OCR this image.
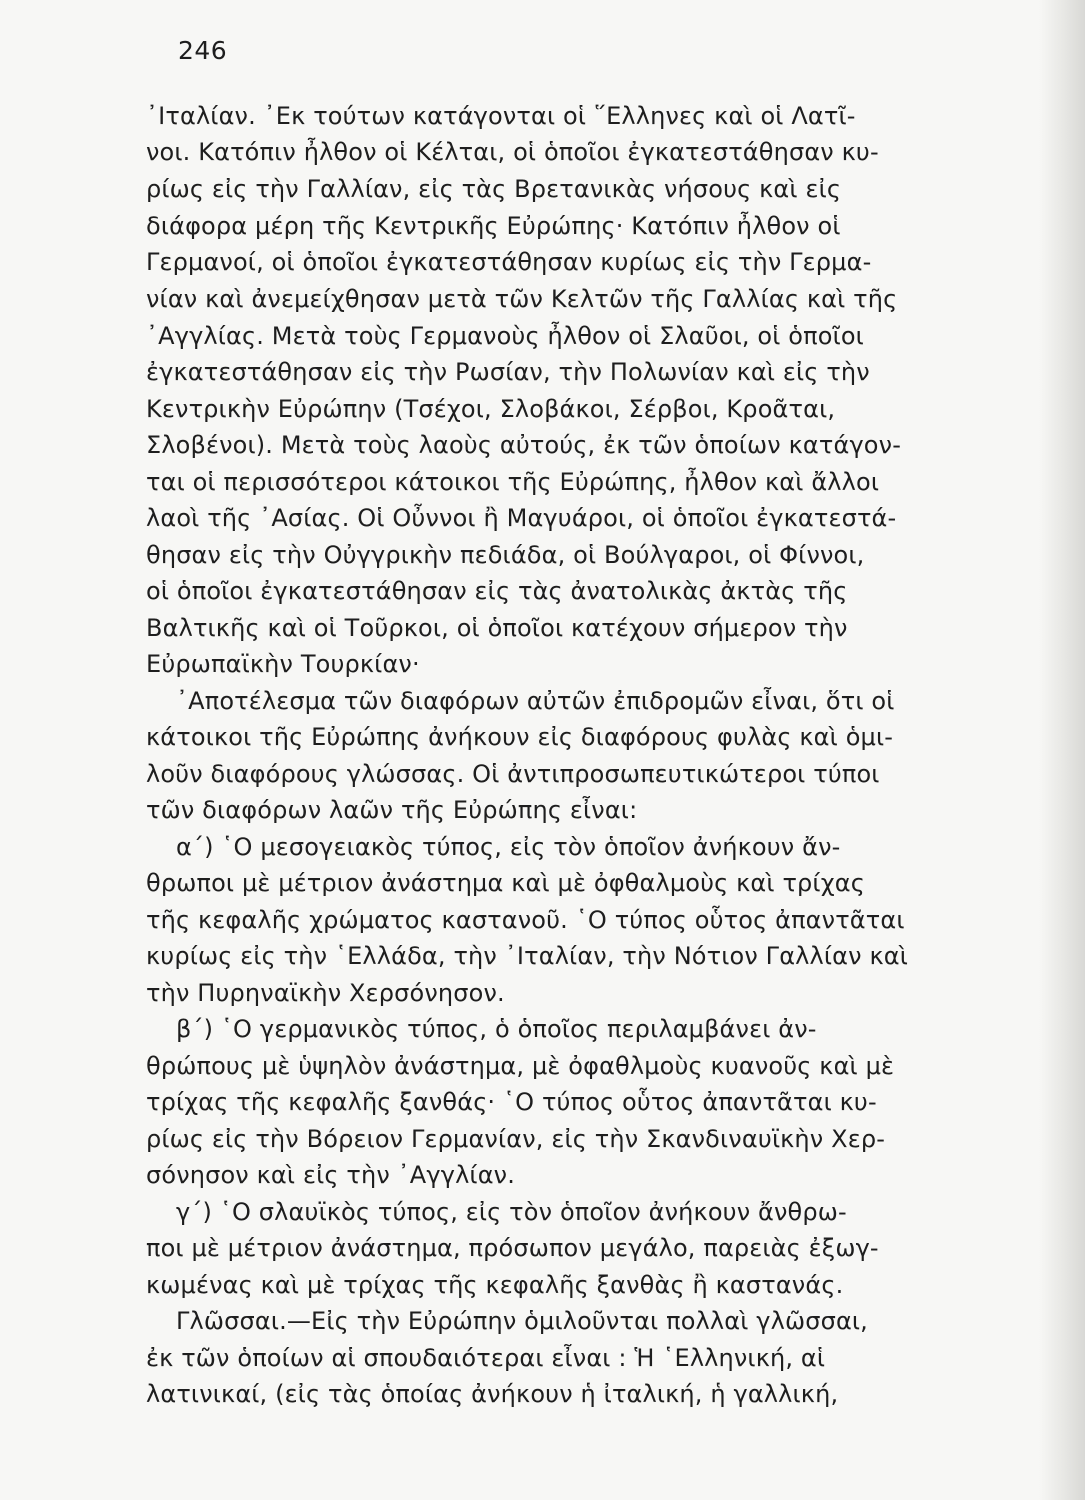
246
᾿Ιταλίαν. ᾿Εκ τούτων κατάγονται οἱ ῞Ελληνες καὶ οἱ Λατῖ-
νοι. Κατόπιν ἦλθον οἱ Κέλται, οἱ ὁποῖοι ἐγκατεστάθησαν κυ-
ρίως εἰς τὴν Γαλλίαν, εἰς τὰς Βρετανικὰς νήσους καὶ εἰς
διάφορα μέρη τῆς Κεντρικῆς Εὐρώπης· Κατόπιν ἦλθον οἱ
Γερμανοί, οἱ ὁποῖοι ἐγκατεστάθησαν κυρίως εἰς τὴν Γερμα-
νίαν καὶ ἀνεμείχθησαν μετὰ τῶν Κελτῶν τῆς Γαλλίας καὶ τῆς
᾿Αγγλίας. Μετὰ τοὺς Γερμανοὺς ἦλθον οἱ Σλαῦοι, οἱ ὁποῖοι
ἐγκατεστάθησαν εἰς τὴν Ρωσίαν, τὴν Πολωνίαν καὶ εἰς τὴν
Κεντρικὴν Εὐρώπην (Τσέχοι, Σλοβάκοι, Σέρβοι, Κροᾶται,
Σλοβένοι). Μετὰ τοὺς λαοὺς αὐτούς, ἐκ τῶν ὁποίων κατάγον-
ται οἱ περισσότεροι κάτοικοι τῆς Εὐρώπης, ἦλθον καὶ ἄλλοι
λαοὶ τῆς ᾿Ασίας. Οἱ Οὖννοι ἢ Μαγυάροι, οἱ ὁποῖοι ἐγκατεστά-
θησαν εἰς τὴν Οὐγγρικὴν πεδιάδα, οἱ Βούλγαροι, οἱ Φίννοι,
οἱ ὁποῖοι ἐγκατεστάθησαν εἰς τὰς ἀνατολικὰς ἀκτὰς τῆς
Βαλτικῆς καὶ οἱ Τοῦρκοι, οἱ ὁποῖοι κατέχουν σήμερον τὴν
Εὐρωπαϊκὴν Τουρκίαν·
᾿Αποτέλεσμα τῶν διαφόρων αὐτῶν ἐπιδρομῶν εἶναι, ὅτι οἱ
κάτοικοι τῆς Εὐρώπης ἀνήκουν εἰς διαφόρους φυλὰς καὶ ὁμι-
λοῦν διαφόρους γλώσσας. Οἱ ἀντιπροσωπευτικώτεροι τύποι
τῶν διαφόρων λαῶν τῆς Εὐρώπης εἶναι:
α΄) ῾Ο μεσογειακὸς τύπος, εἰς τὸν ὁποῖον ἀνήκουν ἄν-
θρωποι μὲ μέτριον ἀνάστημα καὶ μὲ ὀφθαλμοὺς καὶ τρίχας
τῆς κεφαλῆς χρώματος καστανοῦ. ῾Ο τύπος οὗτος ἀπαντᾶται
κυρίως εἰς τὴν ῾Ελλάδα, τὴν ᾿Ιταλίαν, τὴν Νότιον Γαλλίαν καὶ
τὴν Πυρηναϊκὴν Χερσόνησον.
β΄) ῾Ο γερμανικὸς τύπος, ὁ ὁποῖος περιλαμβάνει ἀν-
θρώπους μὲ ὑψηλὸν ἀνάστημα, μὲ ὀφαθλμοὺς κυανοῦς καὶ μὲ
τρίχας τῆς κεφαλῆς ξανθάς· ῾Ο τύπος οὗτος ἀπαντᾶται κυ-
ρίως εἰς τὴν Βόρειον Γερμανίαν, εἰς τὴν Σκανδιναυϊκὴν Χερ-
σόνησον καὶ εἰς τὴν ᾿Αγγλίαν.
γ΄) ῾Ο σλαυϊκὸς τύπος, εἰς τὸν ὁποῖον ἀνήκουν ἄνθρω-
ποι μὲ μέτριον ἀνάστημα, πρόσωπον μεγάλο, παρειὰς ἐξωγ-
κωμένας καὶ μὲ τρίχας τῆς κεφαλῆς ξανθὰς ἢ καστανάς.
Γλῶσσαι.—Εἰς τὴν Εὐρώπην ὁμιλοῦνται πολλαὶ γλῶσσαι,
ἐκ τῶν ὁποίων αἱ σπουδαιότεραι εἶναι : Ἡ ῾Ελληνική, αἱ
λατινικαί, (εἰς τὰς ὁποίας ἀνήκουν ἡ ἰταλική, ἡ γαλλική,
